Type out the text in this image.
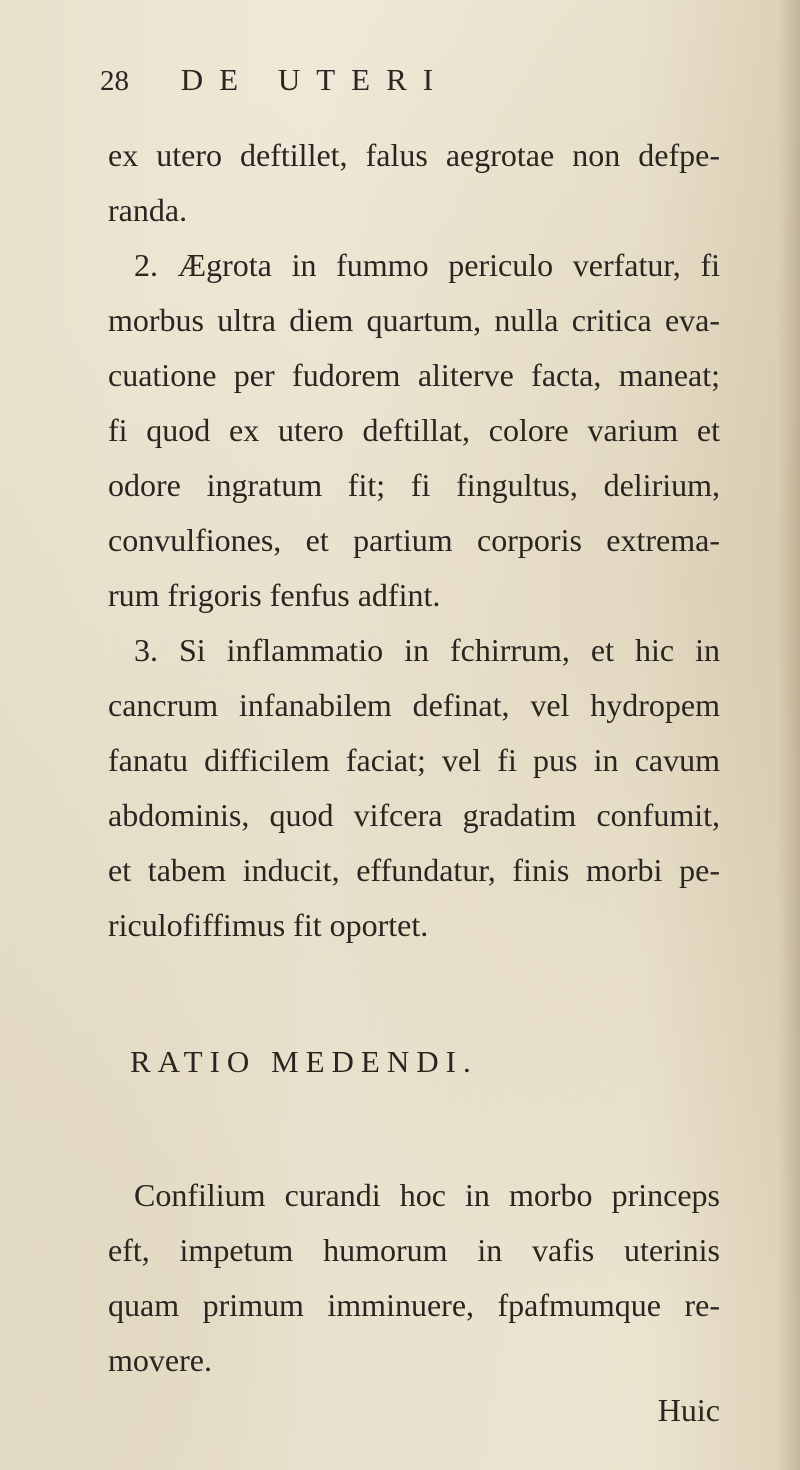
28 DE UTERI
ex utero deftillet, falus aegrotae non defpe-
randa.
2. Ægrota in fummo periculo verfatur, fi
morbus ultra diem quartum, nulla critica eva-
cuatione per fudorem aliterve facta, maneat;
fi quod ex utero deftillat, colore varium et
odore ingratum fit; fi fingultus, delirium,
convulfiones, et partium corporis extrema-
rum frigoris fenfus adfint.
3. Si inflammatio in fchirrum, et hic in
cancrum infanabilem definat, vel hydropem
fanatu difficilem faciat; vel fi pus in cavum
abdominis, quod vifcera gradatim confumit,
et tabem inducit, effundatur, finis morbi pe-
riculofiffimus fit oportet.
RATIO MEDENDI.
Confilium curandi hoc in morbo princeps
eft, impetum humorum in vafis uterinis
quam primum imminuere, fpafmumque re-
movere.
Huic
